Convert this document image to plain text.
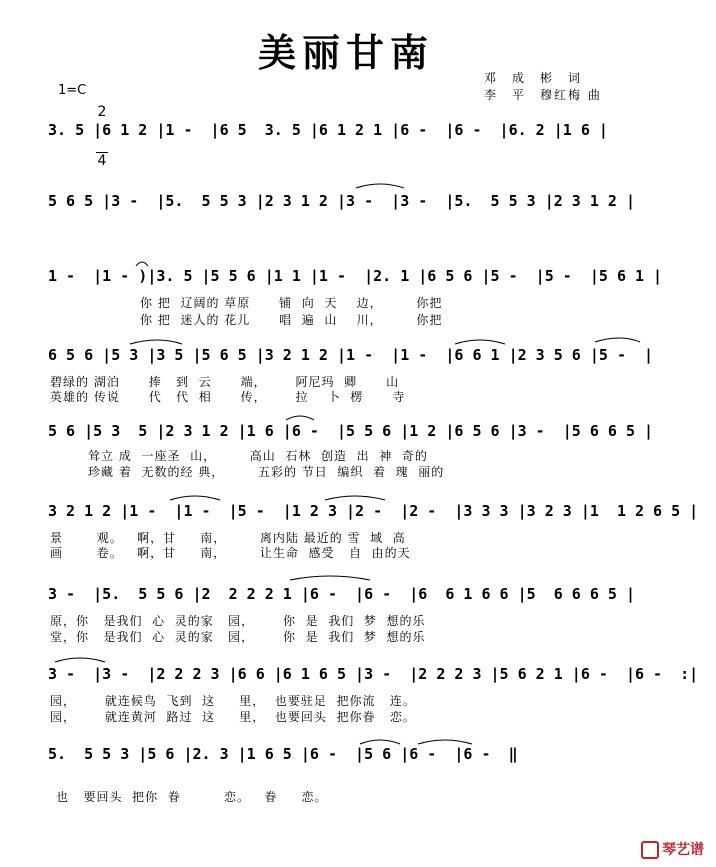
美丽甘南
1=C

2

4

邓　成　彬　词
李　平　穆红梅 曲
3. 5 |6 1 2 |1 -  |6 5  3. 5 |6 1 2 1 |6 -  |6 -  |6. 2 |1 6 |
5 6 5 |3 -  |5.  5 5 3 |2 3 1 2 |3 -  |3 -  |5.  5 5 3 |2 3 1 2 |
1 -  |1 - )|3. 5 |5 5 6 |1 1 |1 -  |2. 1 |6 5 6 |5 -  |5 -  |5 6 1 |
你 把  辽阔的 草原      铺  向  天    边，       你把
你 把  迷人的 花儿      唱  遍  山    川，       你把
6 5 6 |5 3 |3 5 |5 6 5 |3 2 1 2 |1 -  |1 -  |6 6 1 |2 3 5 6 |5 -  |
碧绿的 湖泊      捧   到  云      端，      阿尼玛  卿      山
英雄的 传说      代   代  相      传，      拉    卜  楞      寺
5 6 |5 3  5 |2 3 1 2 |1 6 |6 -  |5 5 6 |1 2 |6 5 6 |3 -  |5 6 6 5 |
耸立 成  一座圣  山，       高山  石林  创造  出  神  奇的
珍藏 着  无数的经 典，       五彩的 节日  编织  着  瑰  丽的
3 2 1 2 |1 -  |1 -  |5 -  |1 2 3 |2 -  |2 -  |3 3 3 |3 2 3 |1  1 2 6 5 |
景       观。   啊，甘     南，       离内陆 最近的 雪  域  高
画       卷。   啊，甘     南，       让生命  感受   自  由的天
3 -  |5.  5 5 6 |2  2 2 2 1 |6 -  |6 -  |6  6 1 6 6 |5  6 6 6 5 |
原，你   是我们  心  灵的家   园，      你  是  我们  梦  想的乐
堂，你   是我们  心  灵的家   园，      你  是  我们  梦  想的乐
3 -  |3 -  |2 2 2 3 |6 6 |6 1 6 5 |3 -  |2 2 2 3 |5 6 2 1 |6 -  |6 -  :|
园，      就连候鸟  飞到  这     里，  也要驻足  把你流   连。
园，      就连黄河  路过  这     里，  也要回头  把你眷   恋。
5.  5 5 3 |5 6 |2. 3 |1 6 5 |6 -  |5 6 |6 -  |6 -  ‖
也   要回头  把你  眷         恋。   眷     恋。

琴艺谱
